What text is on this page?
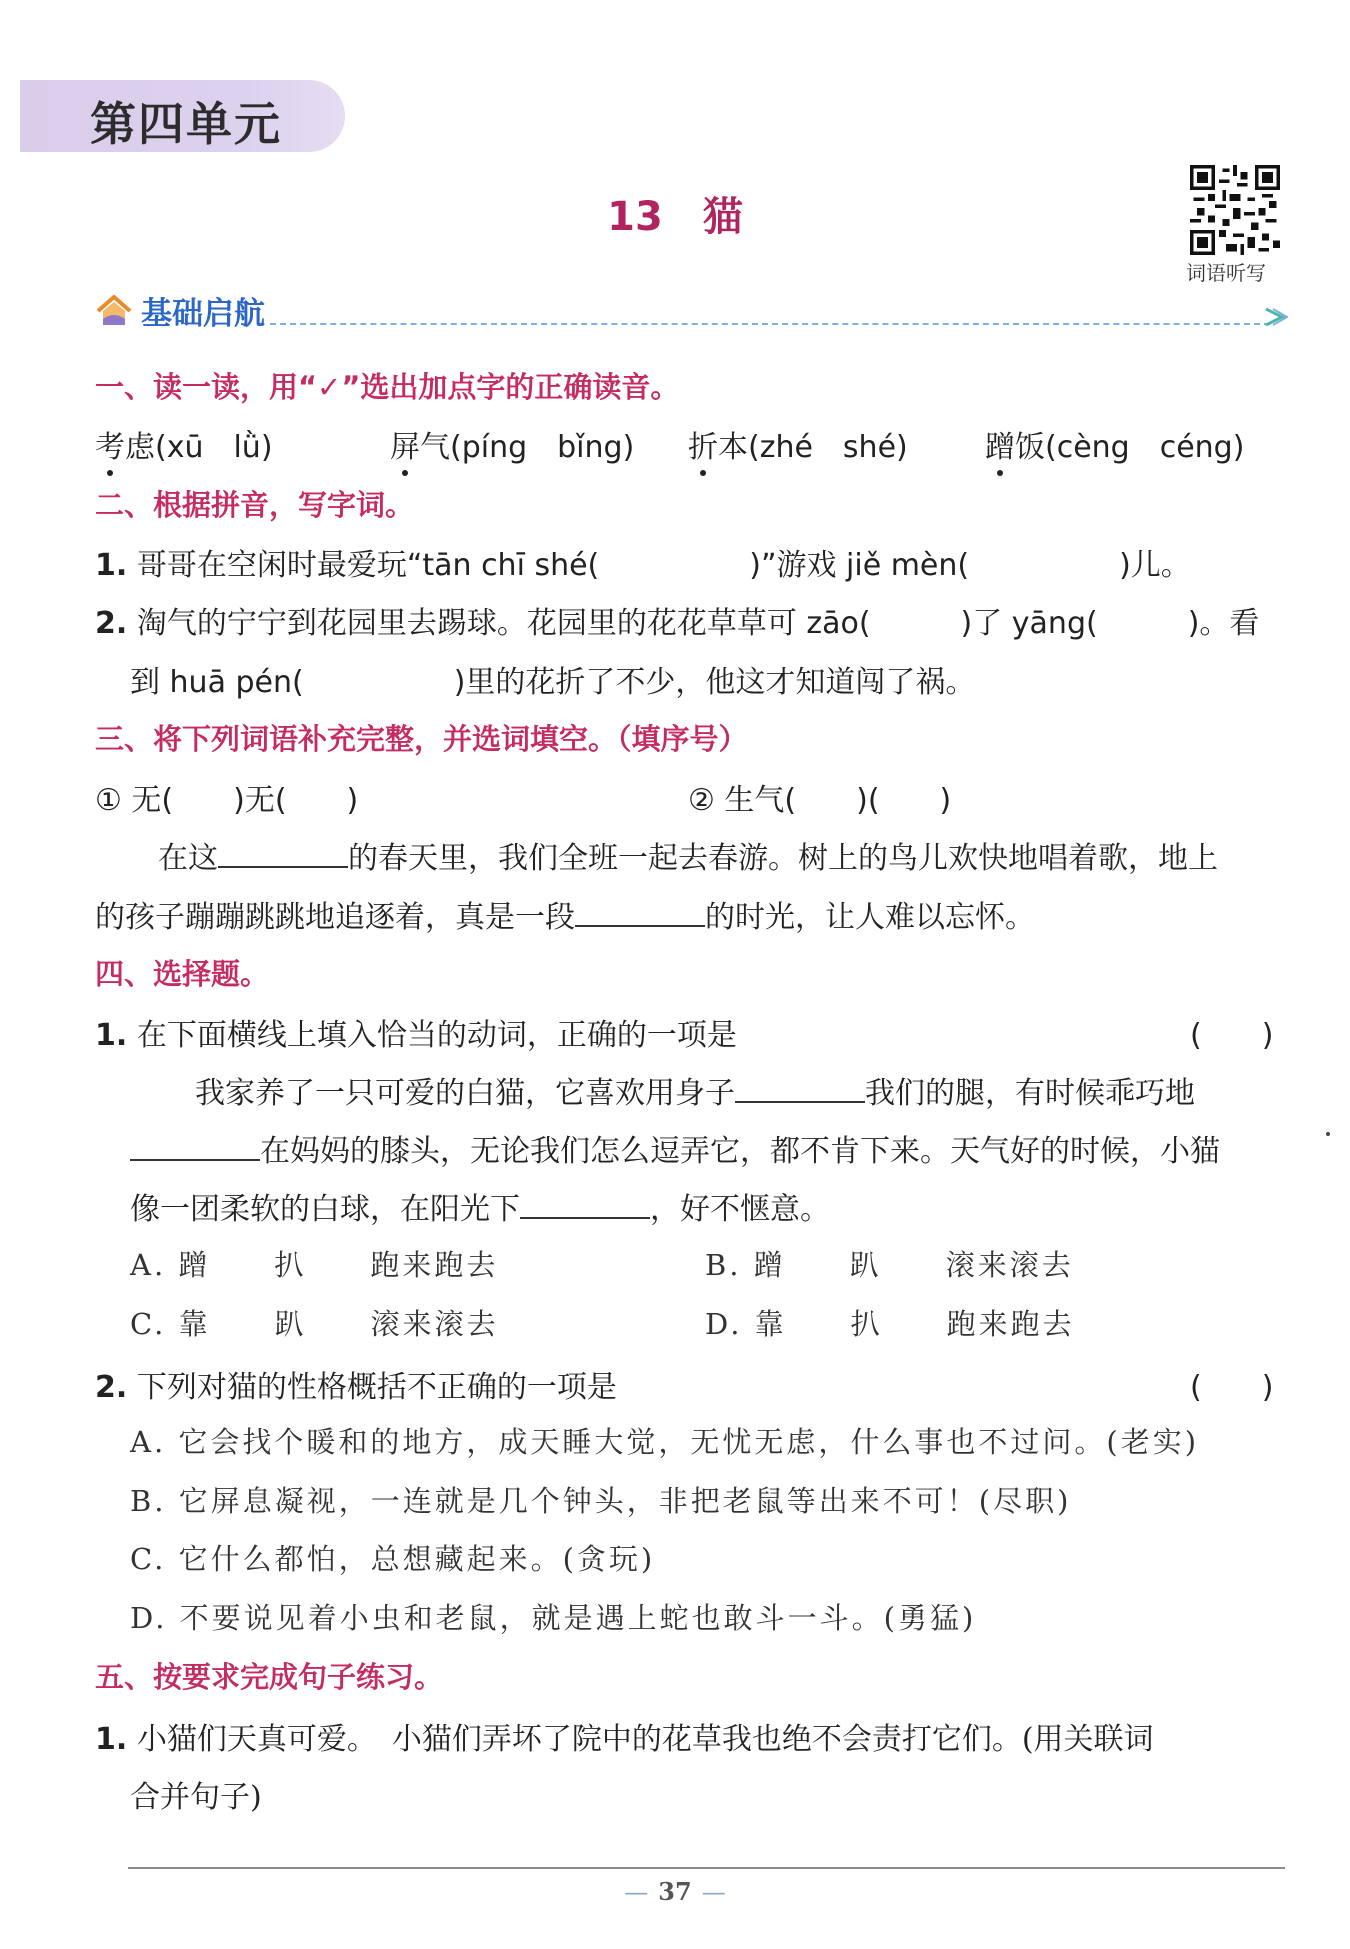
第四单元
13 猫
词语听写
基础启航
一、读一读，用“✓”选出加点字的正确读音。
考虑(xū　lǜ)	屏气(píng　bǐng) 折本(zhé　shé)	蹭饭(cèng　céng)
二、根据拼音，写字词。
1. 哥哥在空闲时最爱玩“tān chī shé(　　　　　)”游戏 jiě mèn(　　　　　)儿。
2. 淘气的宁宁到花园里去踢球。花园里的花花草草可 zāo(　　　)了 yāng(　　　)。看
到 huā pén(　　　　　)里的花折了不少，他这才知道闯了祸。
三、将下列词语补充完整，并选词填空。（填序号）
① 无(　　)无(　　)	② 生气(　　)(　　)
在这	的春天里，我们全班一起去春游。树上的鸟儿欢快地唱着歌，地上
的孩子蹦蹦跳跳地追逐着，真是一段	的时光，让人难以忘怀。
四、选择题。
1. 在下面横线上填入恰当的动词，正确的一项是	(　　)
我家养了一只可爱的白猫，它喜欢用身子	我们的腿，有时候乖巧地
在妈妈的膝头，无论我们怎么逗弄它，都不肯下来。天气好的时候，小猫
像一团柔软的白球，在阳光下	，好不惬意。
A. 蹭　　扒　　跑来跑去	B. 蹭　　趴　　滚来滚去
C. 靠　　趴　　滚来滚去	D. 靠　　扒　　跑来跑去
2. 下列对猫的性格概括不正确的一项是	(　　)
A. 它会找个暖和的地方，成天睡大觉，无忧无虑，什么事也不过问。(老实)
B. 它屏息凝视，一连就是几个钟头，非把老鼠等出来不可！(尽职)
C. 它什么都怕，总想藏起来。(贪玩)
D. 不要说见着小虫和老鼠，就是遇上蛇也敢斗一斗。(勇猛)
五、按要求完成句子练习。
1. 小猫们天真可爱。　小猫们弄坏了院中的花草我也绝不会责打它们。(用关联词
合并句子)
— 37 —
